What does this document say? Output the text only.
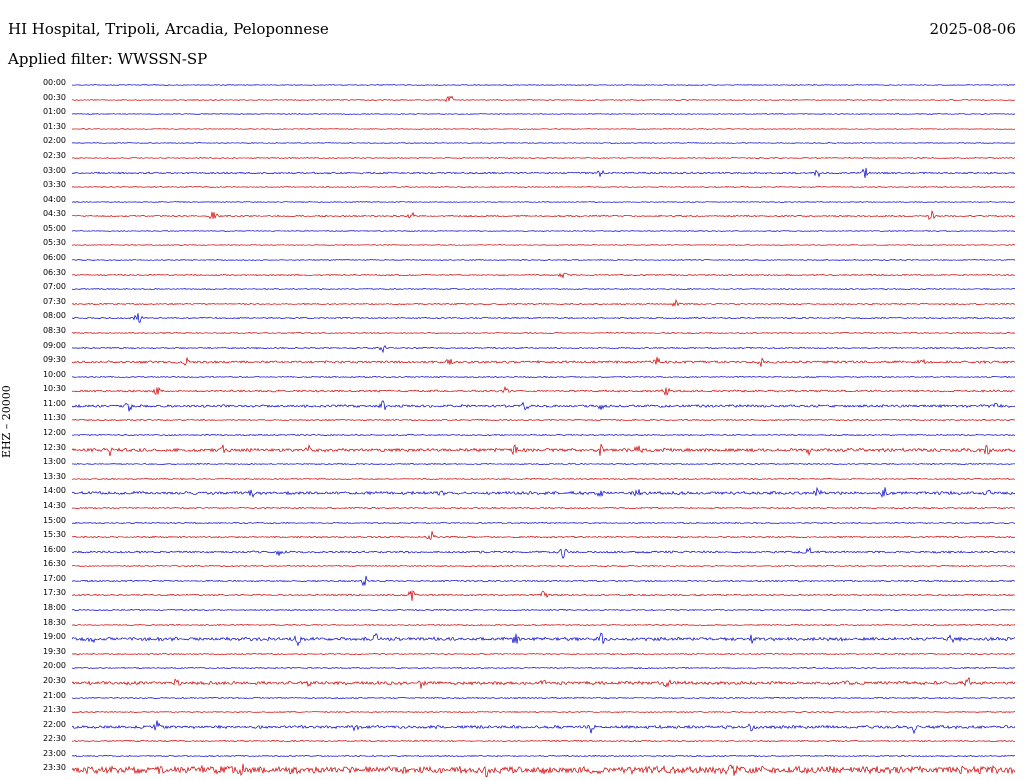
HI Hospital, Tripoli, Arcadia, Peloponnese	2025-08-06
Applied filter: WWSSN-SP
EHZ – 20000
00:00
00:30
01:00
01:30
02:00
02:30
03:00
03:30
04:00
04:30
05:00
05:30
06:00
06:30
07:00
07:30
08:00
08:30
09:00
09:30
10:00
10:30
11:00
11:30
12:00
12:30
13:00
13:30
14:00
14:30
15:00
15:30
16:00
16:30
17:00
17:30
18:00
18:30
19:00
19:30
20:00
20:30
21:00
21:30
22:00
22:30
23:00
23:30
